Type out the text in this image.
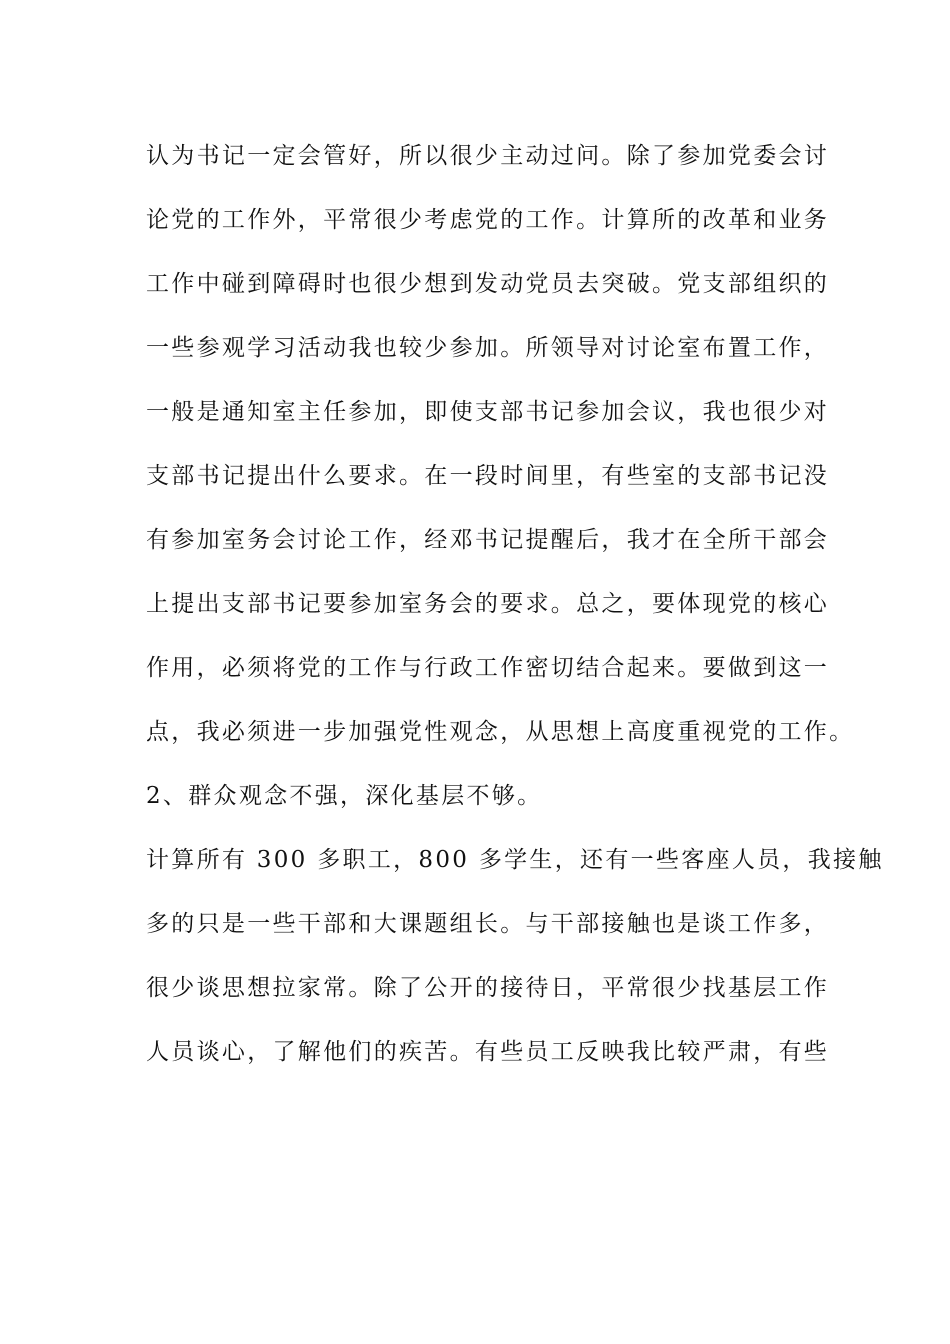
认为书记一定会管好，所以很少主动过问。除了参加党委会讨
论党的工作外，平常很少考虑党的工作。计算所的改革和业务
工作中碰到障碍时也很少想到发动党员去突破。党支部组织的
一些参观学习活动我也较少参加。所领导对讨论室布置工作，
一般是通知室主任参加，即使支部书记参加会议，我也很少对
支部书记提出什么要求。在一段时间里，有些室的支部书记没
有参加室务会讨论工作，经邓书记提醒后，我才在全所干部会
上提出支部书记要参加室务会的要求。总之，要体现党的核心
作用，必须将党的工作与行政工作密切结合起来。要做到这一
点，我必须进一步加强党性观念，从思想上高度重视党的工作。
2、群众观念不强，深化基层不够。
计算所有 300 多职工，800 多学生，还有一些客座人员，我接触
多的只是一些干部和大课题组长。与干部接触也是谈工作多，
很少谈思想拉家常。除了公开的接待日，平常很少找基层工作
人员谈心，了解他们的疾苦。有些员工反映我比较严肃，有些
